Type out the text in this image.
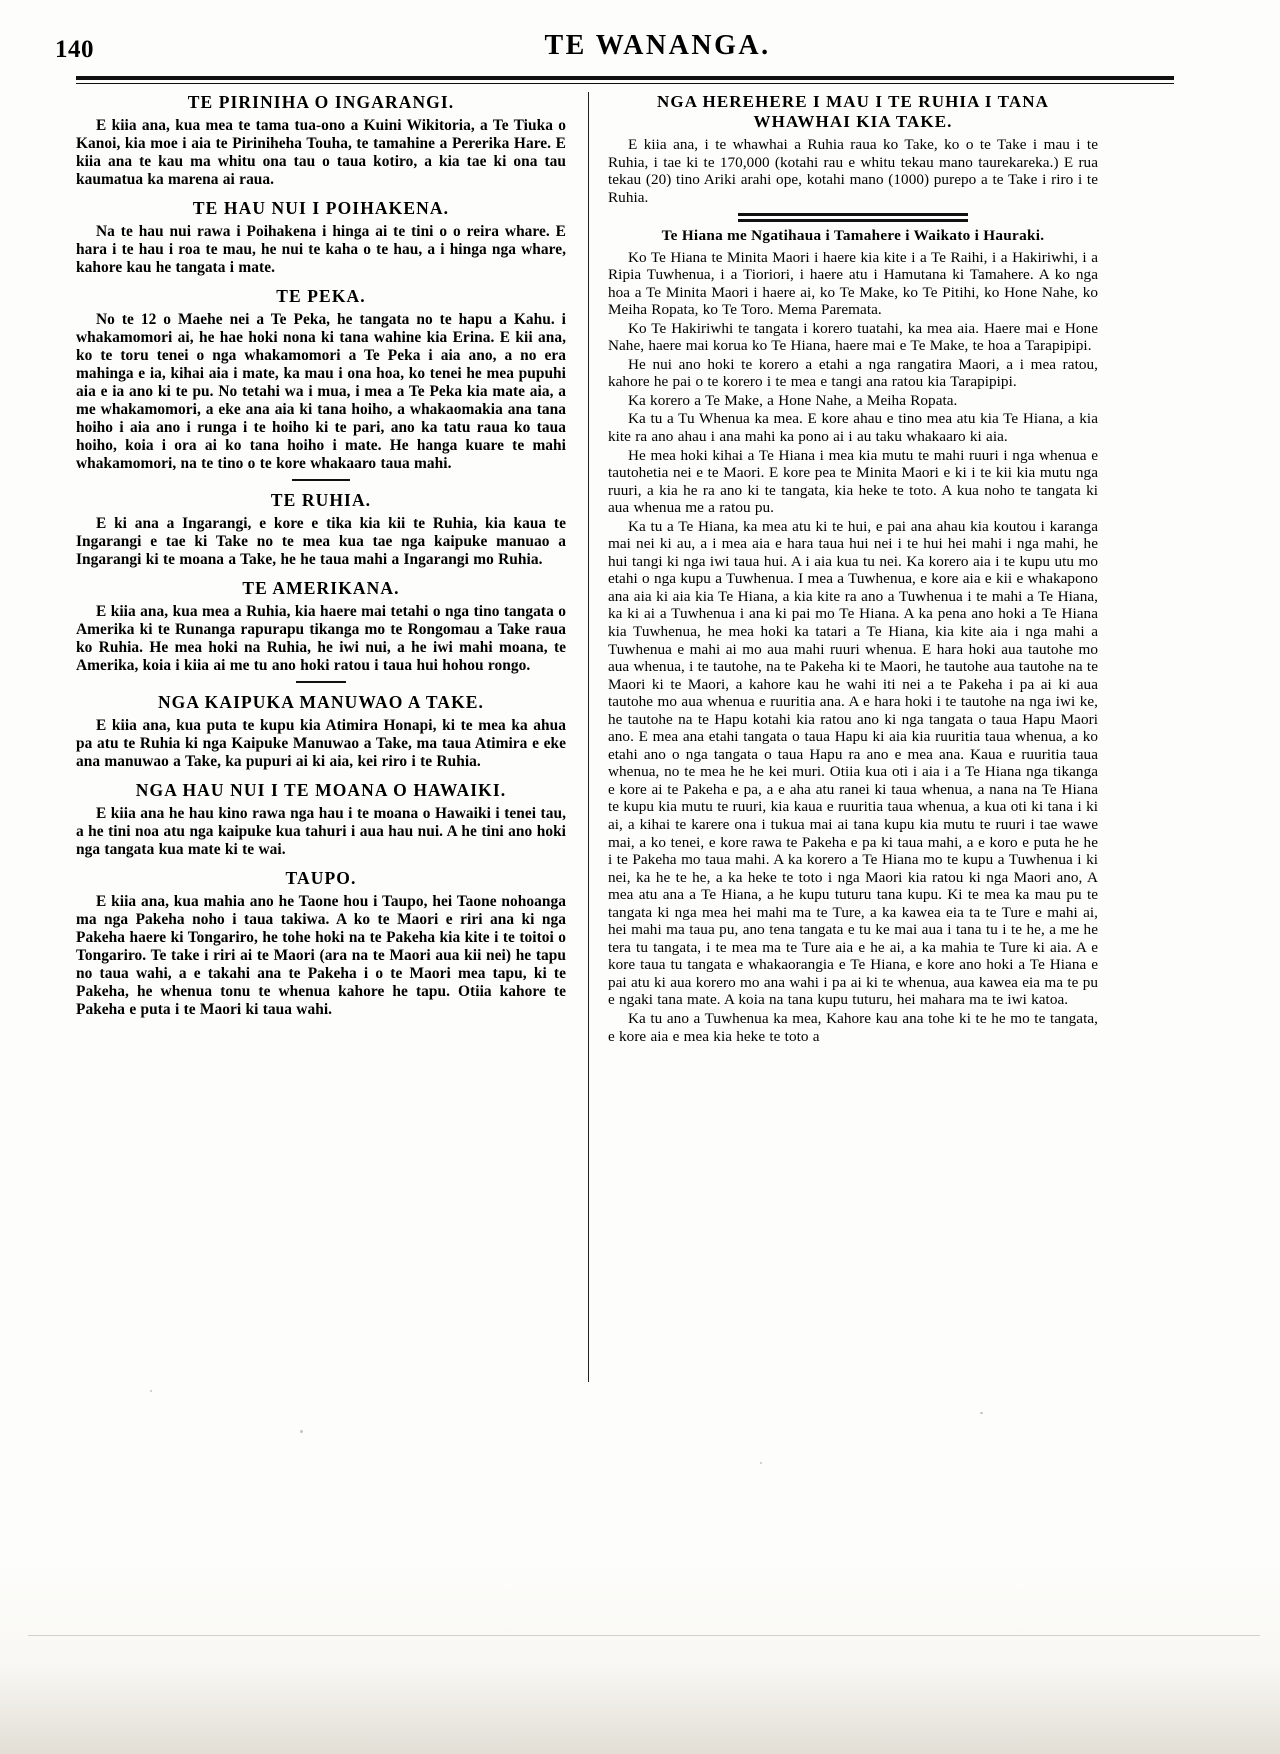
140	TE WANANGA.
TE PIRINIHA O INGARANGI.

E kiia ana, kua mea te tama tua-ono a Kuini Wikitoria, a Te Tiuka o Kanoi, kia moe i aia te Piriniheha Touha, te tamahine a Pererika Hare. E kiia ana te kau ma whitu ona tau o taua kotiro, a kia tae ki ona tau kaumatua ka marena ai raua.

TE HAU NUI I POIHAKENA.

Na te hau nui rawa i Poihakena i hinga ai te tini o o reira whare. E hara i te hau i roa te mau, he nui te kaha o te hau, a i hinga nga whare, kahore kau he tangata i mate.

TE PEKA.

No te 12 o Maehe nei a Te Peka, he tangata no te hapu a Kahu. i whakamomori ai, he hae hoki nona ki tana wahine kia Erina. E kii ana, ko te toru tenei o nga whakamomori a Te Peka i aia ano, a no era mahinga e ia, kihai aia i mate, ka mau i ona hoa, ko tenei he mea pupuhi aia e ia ano ki te pu. No tetahi wa i mua, i mea a Te Peka kia mate aia, a me whakamomori, a eke ana aia ki tana hoiho, a whakaomakia ana tana hoiho i aia ano i runga i te hoiho ki te pari, ano ka tatu raua ko taua hoiho, koia i ora ai ko tana hoiho i mate. He hanga kuare te mahi whakamomori, na te tino o te kore whakaaro taua mahi.

TE RUHIA.

E ki ana a Ingarangi, e kore e tika kia kii te Ruhia, kia kaua te Ingarangi e tae ki Take no te mea kua tae nga kaipuke manuao a Ingarangi ki te moana a Take, he he taua mahi a Ingarangi mo Ruhia.

TE AMERIKANA.

E kiia ana, kua mea a Ruhia, kia haere mai tetahi o nga tino tangata o Amerika ki te Runanga rapurapu tikanga mo te Rongomau a Take raua ko Ruhia. He mea hoki na Ruhia, he iwi nui, a he iwi mahi moana, te Amerika, koia i kiia ai me tu ano hoki ratou i taua hui hohou rongo.

NGA KAIPUKA MANUWAO A TAKE.

E kiia ana, kua puta te kupu kia Atimira Honapi, ki te mea ka ahua pa atu te Ruhia ki nga Kaipuke Manuwao a Take, ma taua Atimira e eke ana manuwao a Take, ka pupuri ai ki aia, kei riro i te Ruhia.

NGA HAU NUI I TE MOANA O HAWAIKI.

E kiia ana he hau kino rawa nga hau i te moana o Hawaiki i tenei tau, a he tini noa atu nga kaipuke kua tahuri i aua hau nui. A he tini ano hoki nga tangata kua mate ki te wai.

TAUPO.

E kiia ana, kua mahia ano he Taone hou i Taupo, hei Taone nohoanga ma nga Pakeha noho i taua takiwa. A ko te Maori e riri ana ki nga Pakeha haere ki Tongariro, he tohe hoki na te Pakeha kia kite i te toitoi o Tongariro. Te take i riri ai te Maori (ara na te Maori aua kii nei) he tapu no taua wahi, a e takahi ana te Pakeha i o te Maori mea tapu, ki te Pakeha, he whenua tonu te whenua kahore he tapu. Otiia kahore te Pakeha e puta i te Maori ki taua wahi.

NGA HEREHERE I MAU I TE RUHIA I TANA WHAWHAI KIA TAKE.

E kiia ana, i te whawhai a Ruhia raua ko Take, ko o te Take i mau i te Ruhia, i tae ki te 170,000 (kotahi rau e whitu tekau mano taurekareka.) E rua tekau (20) tino Ariki arahi ope, kotahi mano (1000) purepo a te Take i riro i te Ruhia.

Te Hiana me Ngatihaua i Tamahere i Waikato i Hauraki.

Ko Te Hiana te Minita Maori i haere kia kite i a Te Raihi, i a Hakiriwhi, i a Ripia Tuwhenua, i a Tioriori, i haere atu i Hamutana ki Tamahere. A ko nga hoa a Te Minita Maori i haere ai, ko Te Make, ko Te Pitihi, ko Hone Nahe, ko Meiha Ropata, ko Te Toro. Mema Paremata.

Ko Te Hakiriwhi te tangata i korero tuatahi, ka mea aia. Haere mai e Hone Nahe, haere mai korua ko Te Hiana, haere mai e Te Make, te hoa a Tarapipipi.

He nui ano hoki te korero a etahi a nga rangatira Maori, a i mea ratou, kahore he pai o te korero i te mea e tangi ana ratou kia Tarapipipi.

Ka korero a Te Make, a Hone Nahe, a Meiha Ropata.

Ka tu a Tu Whenua ka mea. E kore ahau e tino mea atu kia Te Hiana, a kia kite ra ano ahau i ana mahi ka pono ai i au taku whakaaro ki aia.

He mea hoki kihai a Te Hiana i mea kia mutu te mahi ruuri i nga whenua e tautohetia nei e te Maori. E kore pea te Minita Maori e ki i te kii kia mutu nga ruuri, a kia he ra ano ki te tangata, kia heke te toto. A kua noho te tangata ki aua whenua me a ratou pu.

Ka tu a Te Hiana, ka mea atu ki te hui, e pai ana ahau kia koutou i karanga mai nei ki au, a i mea aia e hara taua hui nei i te hui hei mahi i nga mahi, he hui tangi ki nga iwi taua hui. A i aia kua tu nei. Ka korero aia i te kupu utu mo etahi o nga kupu a Tuwhenua. I mea a Tuwhenua, e kore aia e kii e whakapono ana aia ki aia kia Te Hiana, a kia kite ra ano a Tuwhenua i te mahi a Te Hiana, ka ki ai a Tuwhenua i ana ki pai mo Te Hiana. A ka pena ano hoki a Te Hiana kia Tuwhenua, he mea hoki ka tatari a Te Hiana, kia kite aia i nga mahi a Tuwhenua e mahi ai mo aua mahi ruuri whenua. E hara hoki aua tautohe mo aua whenua, i te tautohe, na te Pakeha ki te Maori, he tautohe aua tautohe na te Maori ki te Maori, a kahore kau he wahi iti nei a te Pakeha i pa ai ki aua tautohe mo aua whenua e ruuritia ana. A e hara hoki i te tautohe na nga iwi ke, he tautohe na te Hapu kotahi kia ratou ano ki nga tangata o taua Hapu Maori ano. E mea ana etahi tangata o taua Hapu ki aia kia ruuritia taua whenua, a ko etahi ano o nga tangata o taua Hapu ra ano e mea ana. Kaua e ruuritia taua whenua, no te mea he he kei muri. Otiia kua oti i aia i a Te Hiana nga tikanga e kore ai te Pakeha e pa, a e aha atu ranei ki taua whenua, a nana na Te Hiana te kupu kia mutu te ruuri, kia kaua e ruuritia taua whenua, a kua oti ki tana i ki ai, a kihai te karere ona i tukua mai ai tana kupu kia mutu te ruuri i tae wawe mai, a ko tenei, e kore rawa te Pakeha e pa ki taua mahi, a e koro e puta he he i te Pakeha mo taua mahi. A ka korero a Te Hiana mo te kupu a Tuwhenua i ki nei, ka he te he, a ka heke te toto i nga Maori kia ratou ki nga Maori ano, A mea atu ana a Te Hiana, a he kupu tuturu tana kupu. Ki te mea ka mau pu te tangata ki nga mea hei mahi ma te Ture, a ka kawea eia ta te Ture e mahi ai, hei mahi ma taua pu, ano tena tangata e tu ke mai aua i tana tu i te he, a me he tera tu tangata, i te mea ma te Ture aia e he ai, a ka mahia te Ture ki aia. A e kore taua tu tangata e whakaorangia e Te Hiana, e kore ano hoki a Te Hiana e pai atu ki aua korero mo ana wahi i pa ai ki te whenua, aua kawea eia ma te pu e ngaki tana mate. A koia na tana kupu tuturu, hei mahara ma te iwi katoa.

Ka tu ano a Tuwhenua ka mea, Kahore kau ana tohe ki te he mo te tangata, e kore aia e mea kia heke te toto a
